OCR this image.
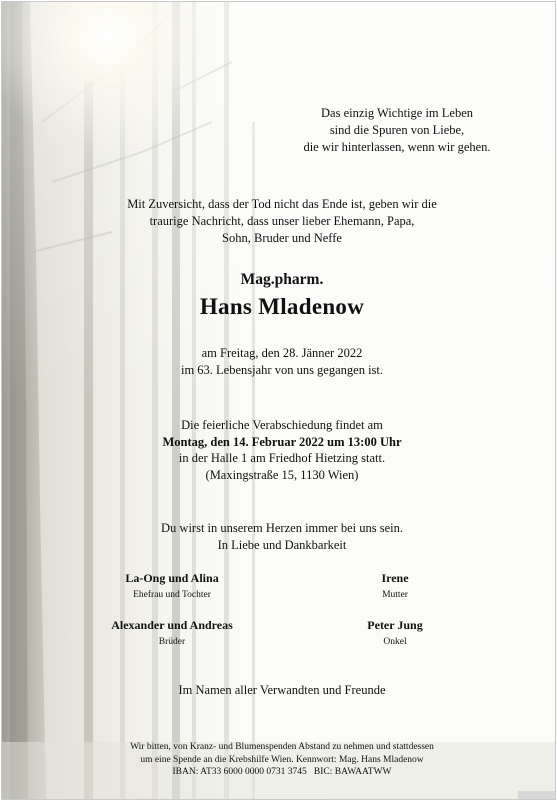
Das einzig Wichtige im Leben
sind die Spuren von Liebe,
die wir hinterlassen, wenn wir gehen.
Mit Zuversicht, dass der Tod nicht das Ende ist, geben wir die
traurige Nachricht, dass unser lieber Ehemann, Papa,
Sohn, Bruder und Neffe
Mag.pharm.
Hans Mladenow
am Freitag, den 28. Jänner 2022
im 63. Lebensjahr von uns gegangen ist.
Die feierliche Verabschiedung findet am
Montag, den 14. Februar 2022 um 13:00 Uhr
in der Halle 1 am Friedhof Hietzing statt.
(Maxingstraße 15, 1130 Wien)
Du wirst in unserem Herzen immer bei uns sein.
In Liebe und Dankbarkeit
La-Ong und Alina
Ehefrau und Tochter
Irene
Mutter
Alexander und Andreas
Brüder
Peter Jung
Onkel
Im Namen aller Verwandten und Freunde
Wir bitten, von Kranz- und Blumenspenden Abstand zu nehmen und stattdessen
um eine Spende an die Krebshilfe Wien. Kennwort: Mag. Hans Mladenow
IBAN: AT33 6000 0000 0731 3745   BIC: BAWAATWW
